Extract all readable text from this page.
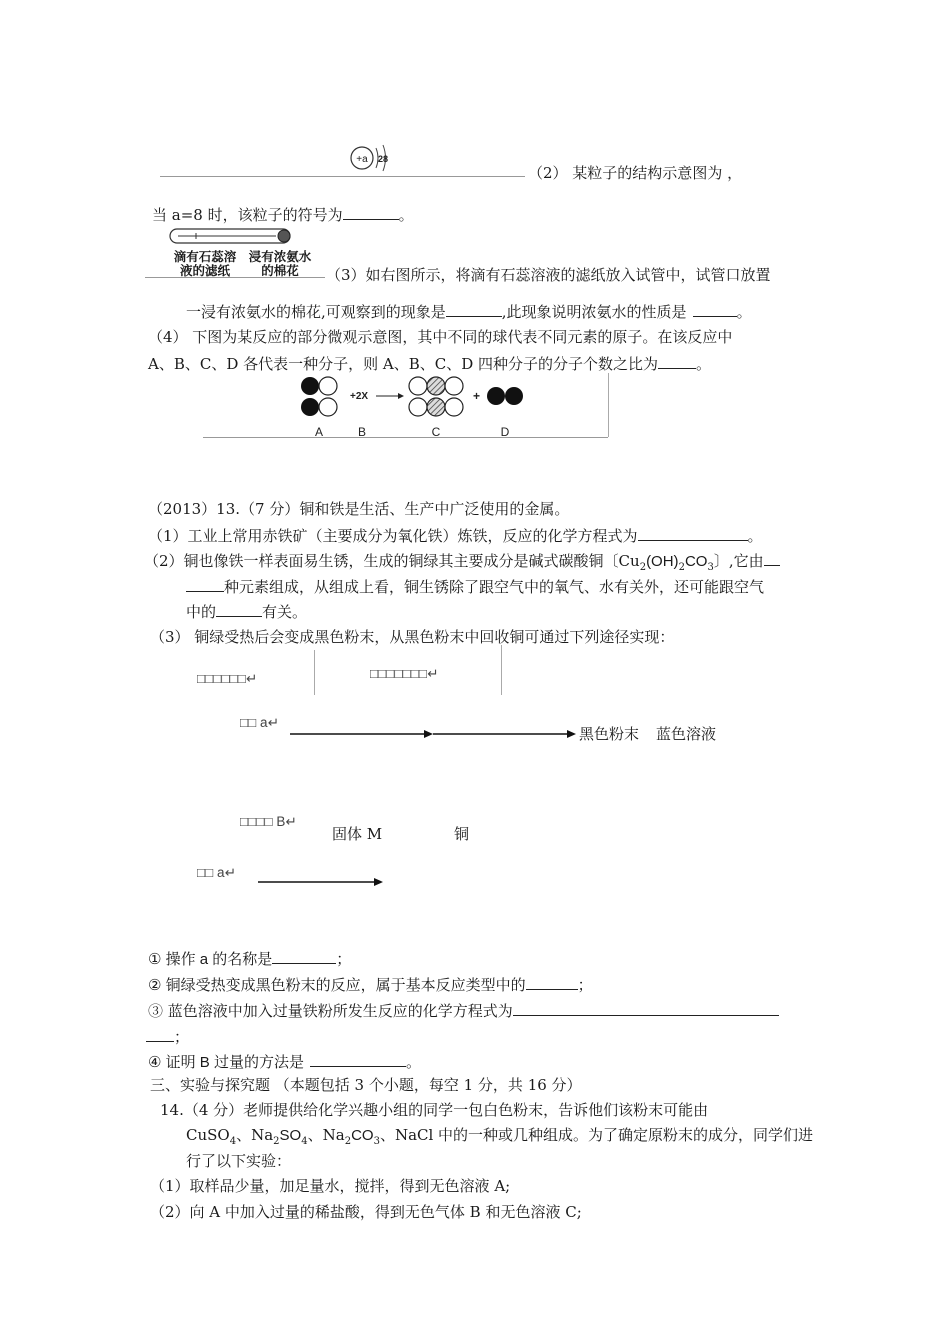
+a 28
（2） 某粒子的结构示意图为 ，
当 a=8 时，该粒子的符号为	。
滴有石蕊溶液的滤纸
浸有浓氨水的棉花	（3）如右图所示，将滴有石蕊溶液的滤纸放入试管中，试管口放置
一浸有浓氨水的棉花,可观察到的现象是	,此现象说明浓氨水的性质是	。
（4） 下图为某反应的部分微观示意图，其中不同的球代表不同元素的原子。在该反应中
A、B、C、D 各代表一种分子，则 A、B、C、D 四种分子的分子个数之比为	。
+2X	+
A	B	C	D
（2013）13.（7 分）铜和铁是生活、生产中广泛使用的金属。
（1）工业上常用赤铁矿（主要成分为氧化铁）炼铁，反应的化学方程式为	。
（2）铜也像铁一样表面易生锈，生成的铜绿其主要成分是碱式碳酸铜〔$Cu_2(OH)_2CO_3$〕,它由
种元素组成，从组成上看，铜生锈除了跟空气中的氧气、水有关外，还可能跟空气
中的	有关。
（3） 铜绿受热后会变成黑色粉末，从黑色粉末中回收铜可通过下列途径实现：
□□□□□□↵	□□□□□□□↵
□□ a↵
黑色粉末 蓝色溶液
□□□□ B↵
固体 M	铜
□□ a↵
① 操作 a 的名称是	；
② 铜绿受热变成黑色粉末的反应，属于基本反应类型中的	；
③ 蓝色溶液中加入过量铁粉所发生反应的化学方程式为
；
④ 证明 B 过量的方法是	。
三、实验与探究题 （本题包括 3 个小题，每空 1 分，共 16 分）
14.（4 分）老师提供给化学兴趣小组的同学一包白色粉末，告诉他们该粉末可能由
CuSO$_4$、$Na_2SO_4$、$Na_2CO_3$、NaCl 中的一种或几种组成。为了确定原粉末的成分，同学们进
行了以下实验：
（1）取样品少量，加足量水，搅拌，得到无色溶液 A;
（2）向 A 中加入过量的稀盐酸，得到无色气体 B 和无色溶液 C;
